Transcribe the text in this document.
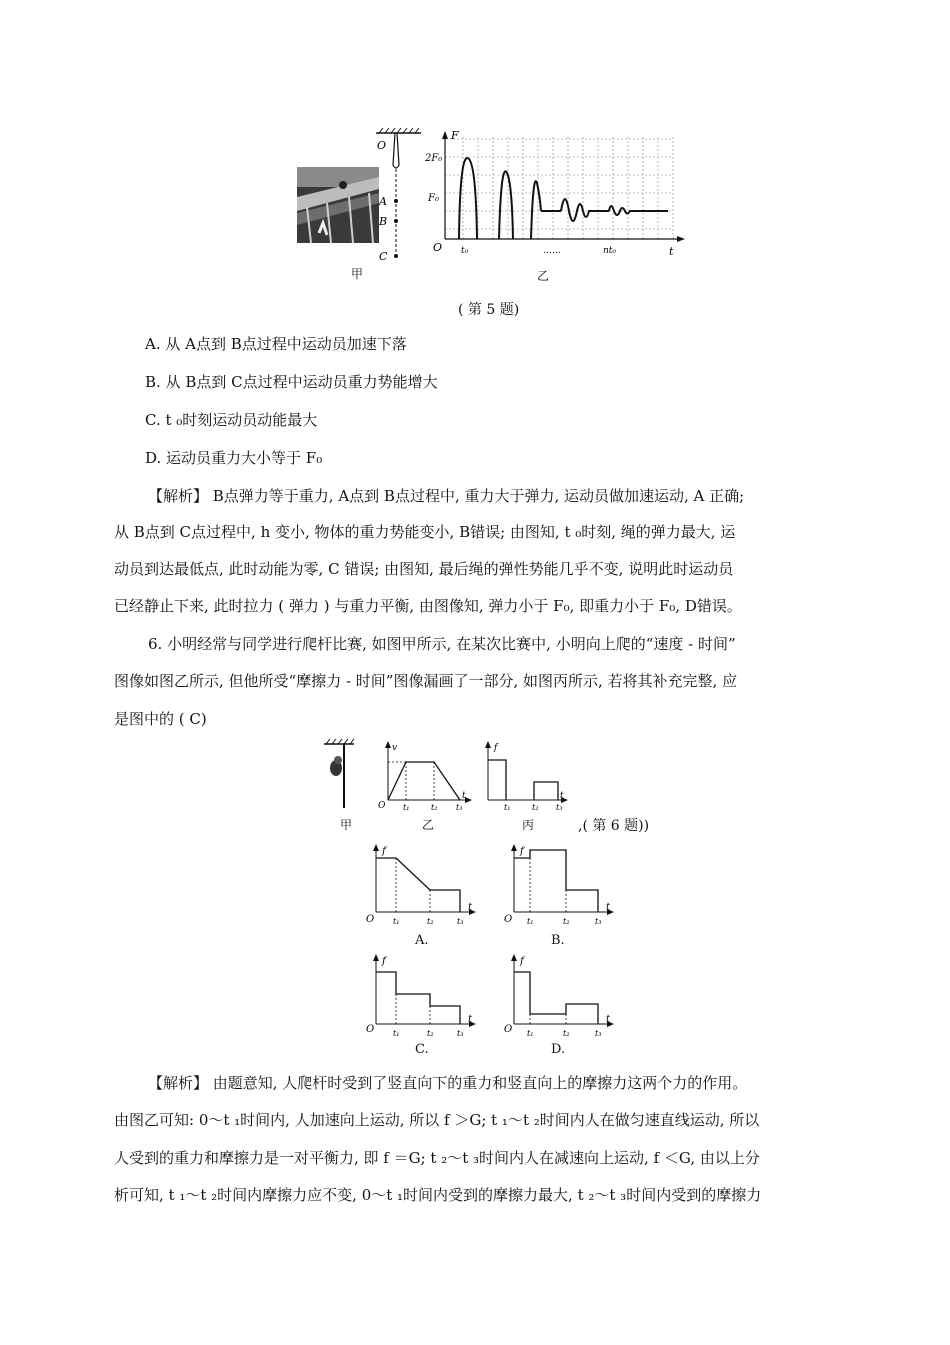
O
A
B
C
甲
2F₀
F₀
F
O t₀	……	nt₀	t
乙
( 第 5 题)
A. 从 A点到 B点过程中运动员加速下落
B. 从 B点到 C点过程中运动员重力势能增大
C. t ₀时刻运动员动能最大
D. 运动员重力大小等于 F₀
【解析】 B点弹力等于重力, A点到 B点过程中, 重力大于弹力, 运动员做加速运动, A 正确;
从 B点到 C点过程中, h 变小, 物体的重力势能变小, B错误; 由图知, t ₀时刻, 绳的弹力最大, 运
动员到达最低点, 此时动能为零, C 错误; 由图知, 最后绳的弹性势能几乎不变, 说明此时运动员
已经静止下来, 此时拉力 ( 弹力 ) 与重力平衡, 由图像知, 弹力小于 F₀, 即重力小于 F₀, D错误。
6. 小明经常与同学进行爬杆比赛, 如图甲所示, 在某次比赛中, 小明向上爬的“速度 - 时间”
图像如图乙所示, 但他所受“摩擦力 - 时间”图像漏画了一部分, 如图丙所示, 若将其补充完整, 应
是图中的 ( C)
甲
v
O t₁	t₂ t₃
t
乙
f
t₁	t₂ t₃
t
丙	,( 第 6 题))
f
O t₁	t₂	t₃
t
A.
f
O t₁	t₂	t₃
t
B.
f
O t₁	t₂	t₃
t
C.
f
O t₁	t₂	t₃
t
D.
【解析】 由题意知, 人爬杆时受到了竖直向下的重力和竖直向上的摩擦力这两个力的作用。
由图乙可知: 0～t ₁时间内, 人加速向上运动, 所以 f ＞G; t ₁～t ₂时间内人在做匀速直线运动, 所以
人受到的重力和摩擦力是一对平衡力, 即 f ＝G; t ₂～t ₃时间内人在减速向上运动, f ＜G, 由以上分
析可知, t ₁～t ₂时间内摩擦力应不变, 0～t ₁时间内受到的摩擦力最大, t ₂～t ₃时间内受到的摩擦力
